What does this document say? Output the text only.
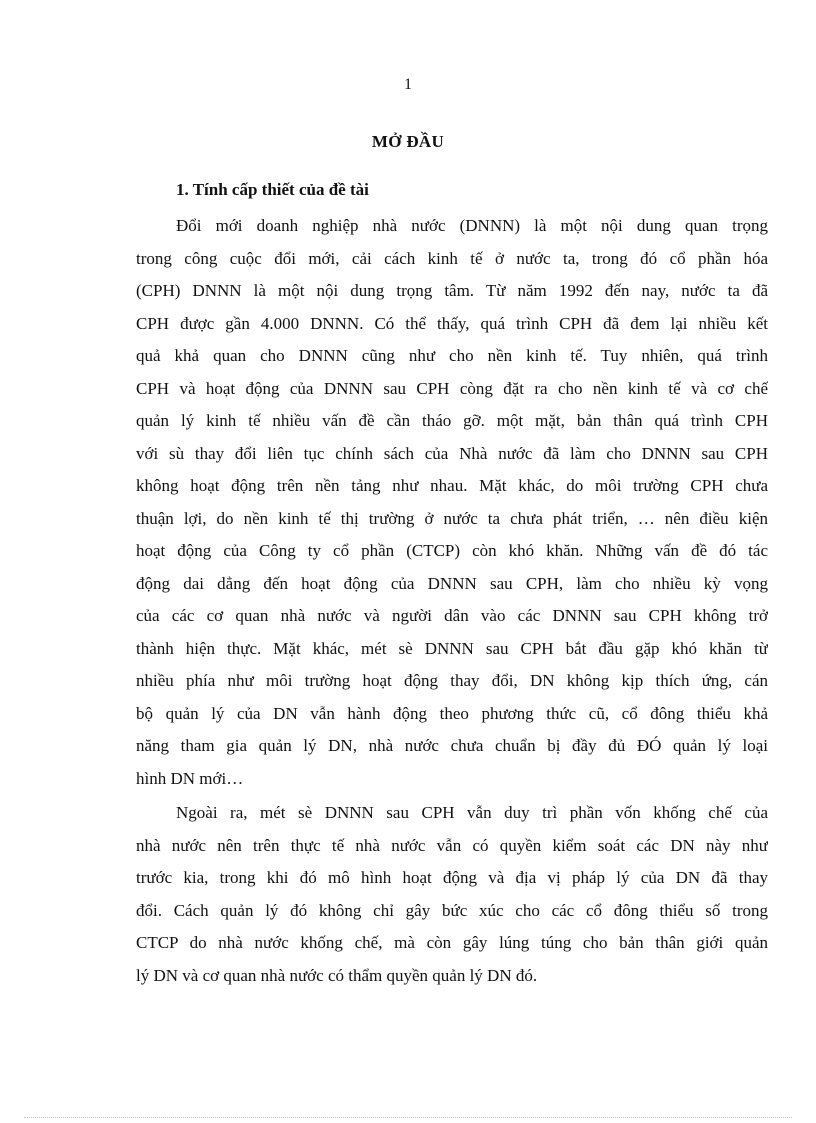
1
MỞ ĐẦU
1. Tính cấp thiết của đề tài
Đổi mới doanh nghiệp nhà nước (DNNN) là một nội dung quan trọng
trong công cuộc đổi mới, cải cách kinh tế ở nước ta, trong đó cổ phần hóa
(CPH) DNNN là một nội dung trọng tâm. Từ năm 1992 đến nay, nước ta đã
CPH được gần 4.000 DNNN. Có thể thấy, quá trình CPH đã đem lại nhiều kết
quả khả quan cho DNNN cũng như cho nền kinh tế. Tuy nhiên, quá trình
CPH và hoạt động của DNNN sau CPH còng đặt ra cho nền kinh tế và cơ chế
quản lý kinh tế nhiều vấn đề cần tháo gỡ. một mặt, bản thân quá trình CPH
với sù thay đổi liên tục chính sách của Nhà nước đã làm cho DNNN sau CPH
không hoạt động trên nền tảng như nhau. Mặt khác, do môi trường CPH chưa
thuận lợi, do nền kinh tế thị trường ở nước ta chưa phát triển, … nên điều kiện
hoạt động của Công ty cổ phần (CTCP) còn khó khăn. Những vấn đề đó tác
động dai dẳng đến hoạt động của DNNN sau CPH, làm cho nhiều kỳ vọng
của các cơ quan nhà nước và người dân vào các DNNN sau CPH không trở
thành hiện thực. Mặt khác, mét sè DNNN sau CPH bắt đầu gặp khó khăn từ
nhiều phía như môi trường hoạt động thay đổi, DN không kịp thích ứng, cán
bộ quản lý của DN vẫn hành động theo phương thức cũ, cổ đông thiểu khả
năng tham gia quản lý DN, nhà nước chưa chuẩn bị đầy đủ ĐÓ quản lý loại
hình DN mới…
Ngoài ra, mét sè DNNN sau CPH vẫn duy trì phần vốn khống chế của
nhà nước nên trên thực tế nhà nước vẫn có quyền kiểm soát các DN này như
trước kia, trong khi đó mô hình hoạt động và địa vị pháp lý của DN đã thay
đổi. Cách quản lý đó không chỉ gây bức xúc cho các cổ đông thiểu số trong
CTCP do nhà nước khống chế, mà còn gây lúng túng cho bản thân giới quản
lý DN và cơ quan nhà nước có thẩm quyền quản lý DN đó.
